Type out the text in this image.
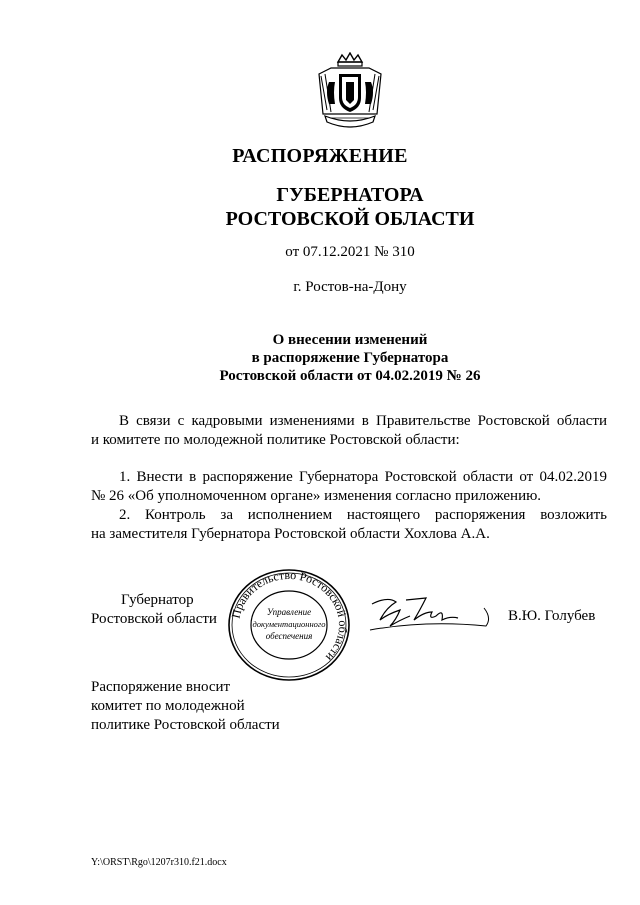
РАСПОРЯЖЕНИЕ
ГУБЕРНАТОРА
РОСТОВСКОЙ ОБЛАСТИ
от 07.12.2021 № 310
г. Ростов-на-Дону
О внесении изменений
в распоряжение Губернатора
Ростовской области от 04.02.2019 № 26
В связи с кадровыми изменениями в Правительстве Ростовской области
и комитете по молодежной политике Ростовской области:
1. Внести в распоряжение Губернатора Ростовской области от 04.02.2019
№ 26 «Об уполномоченном органе» изменения согласно приложению.
2. Контроль за исполнением настоящего распоряжения возложить
на заместителя Губернатора Ростовской области Хохлова А.А.
Губернатор
Ростовской области Правительство Ростовской области
Управление
документационного
обеспечения
В.Ю. Голубев
Распоряжение вносит
комитет по молодежной
политике Ростовской области
Y:\ORST\Rgo\1207r310.f21.docx
